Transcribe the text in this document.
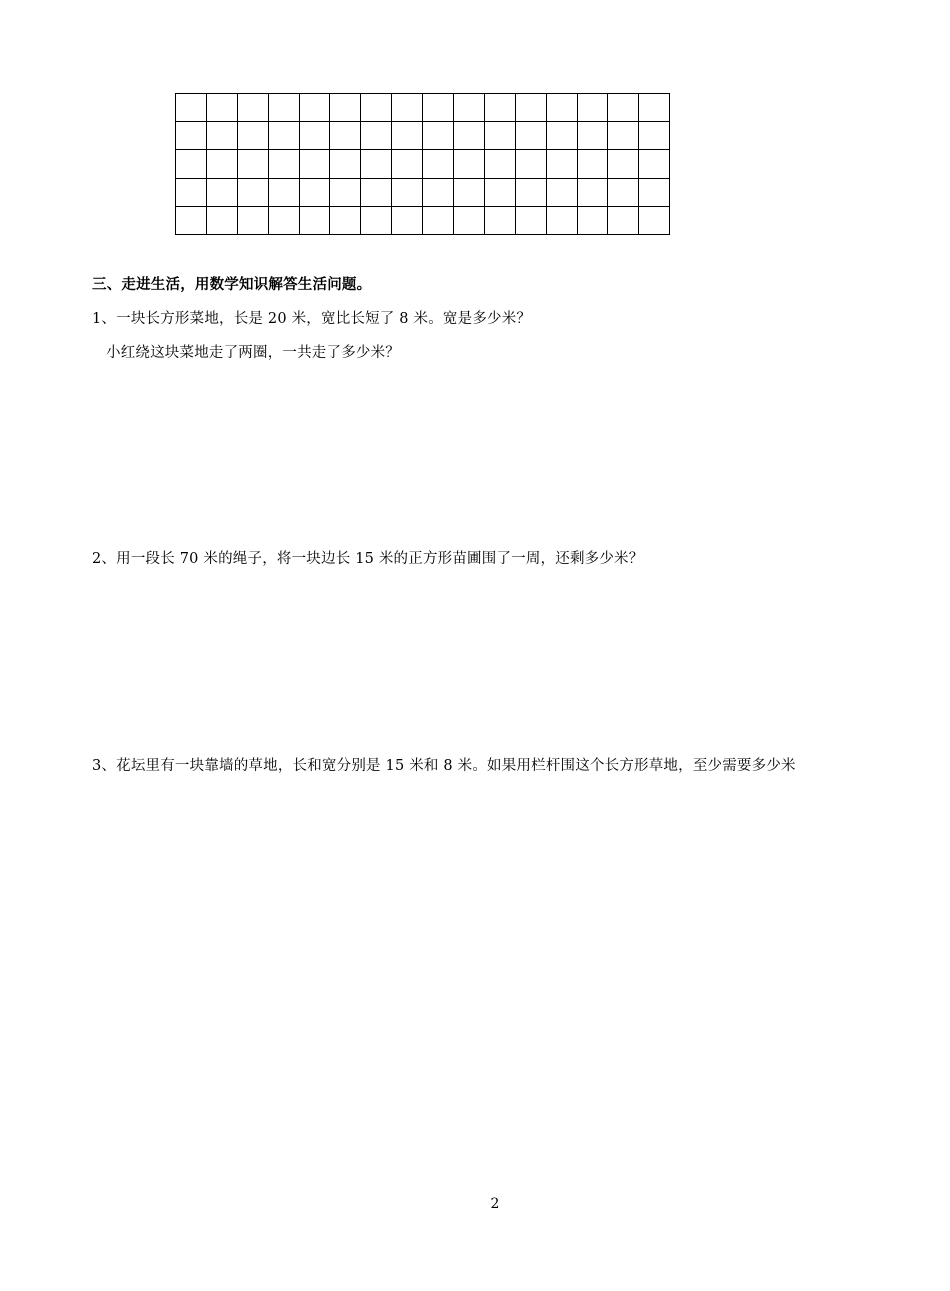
三、走进生活，用数学知识解答生活问题。
1、一块长方形菜地，长是 20 米，宽比长短了 8 米。宽是多少米？
小红绕这块菜地走了两圈，一共走了多少米？
2、用一段长 70 米的绳子，将一块边长 15 米的正方形苗圃围了一周，还剩多少米？
3、花坛里有一块靠墙的草地，长和宽分别是 15 米和 8 米。如果用栏杆围这个长方形草地，至少需要多少米
2
